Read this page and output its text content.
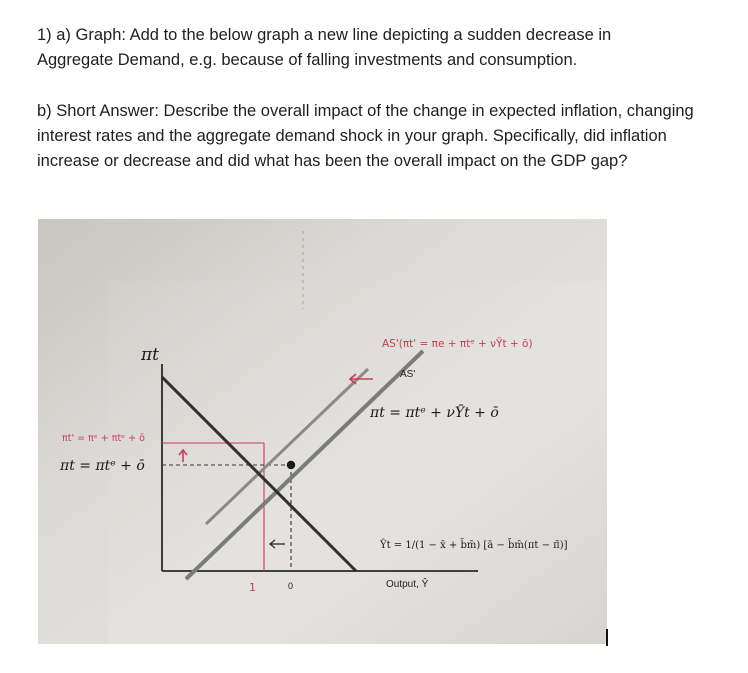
1) a) Graph: Add to the below graph a new line depicting a sudden decrease in
Aggregate Demand, e.g. because of falling investments and consumption.
b) Short Answer: Describe the overall impact of the change in expected inflation, changing
interest rates and the aggregate demand shock in your graph. Specifically, did inflation
increase or decrease and did what has been the overall impact on the GDP gap?
πt
AS'(πt' = πe + πtᵉ + νȲt + ō)
AS'
πt = πtᵉ + νȲt + ō
πt' = πᵉ + πtᵉ + ō
πt = πtᵉ + ō
Ŷt = 1/(1 − x̄ + b̄m̄) [ā − b̄m̄(πt − π̄)]
1	0	Output, Ŷ
